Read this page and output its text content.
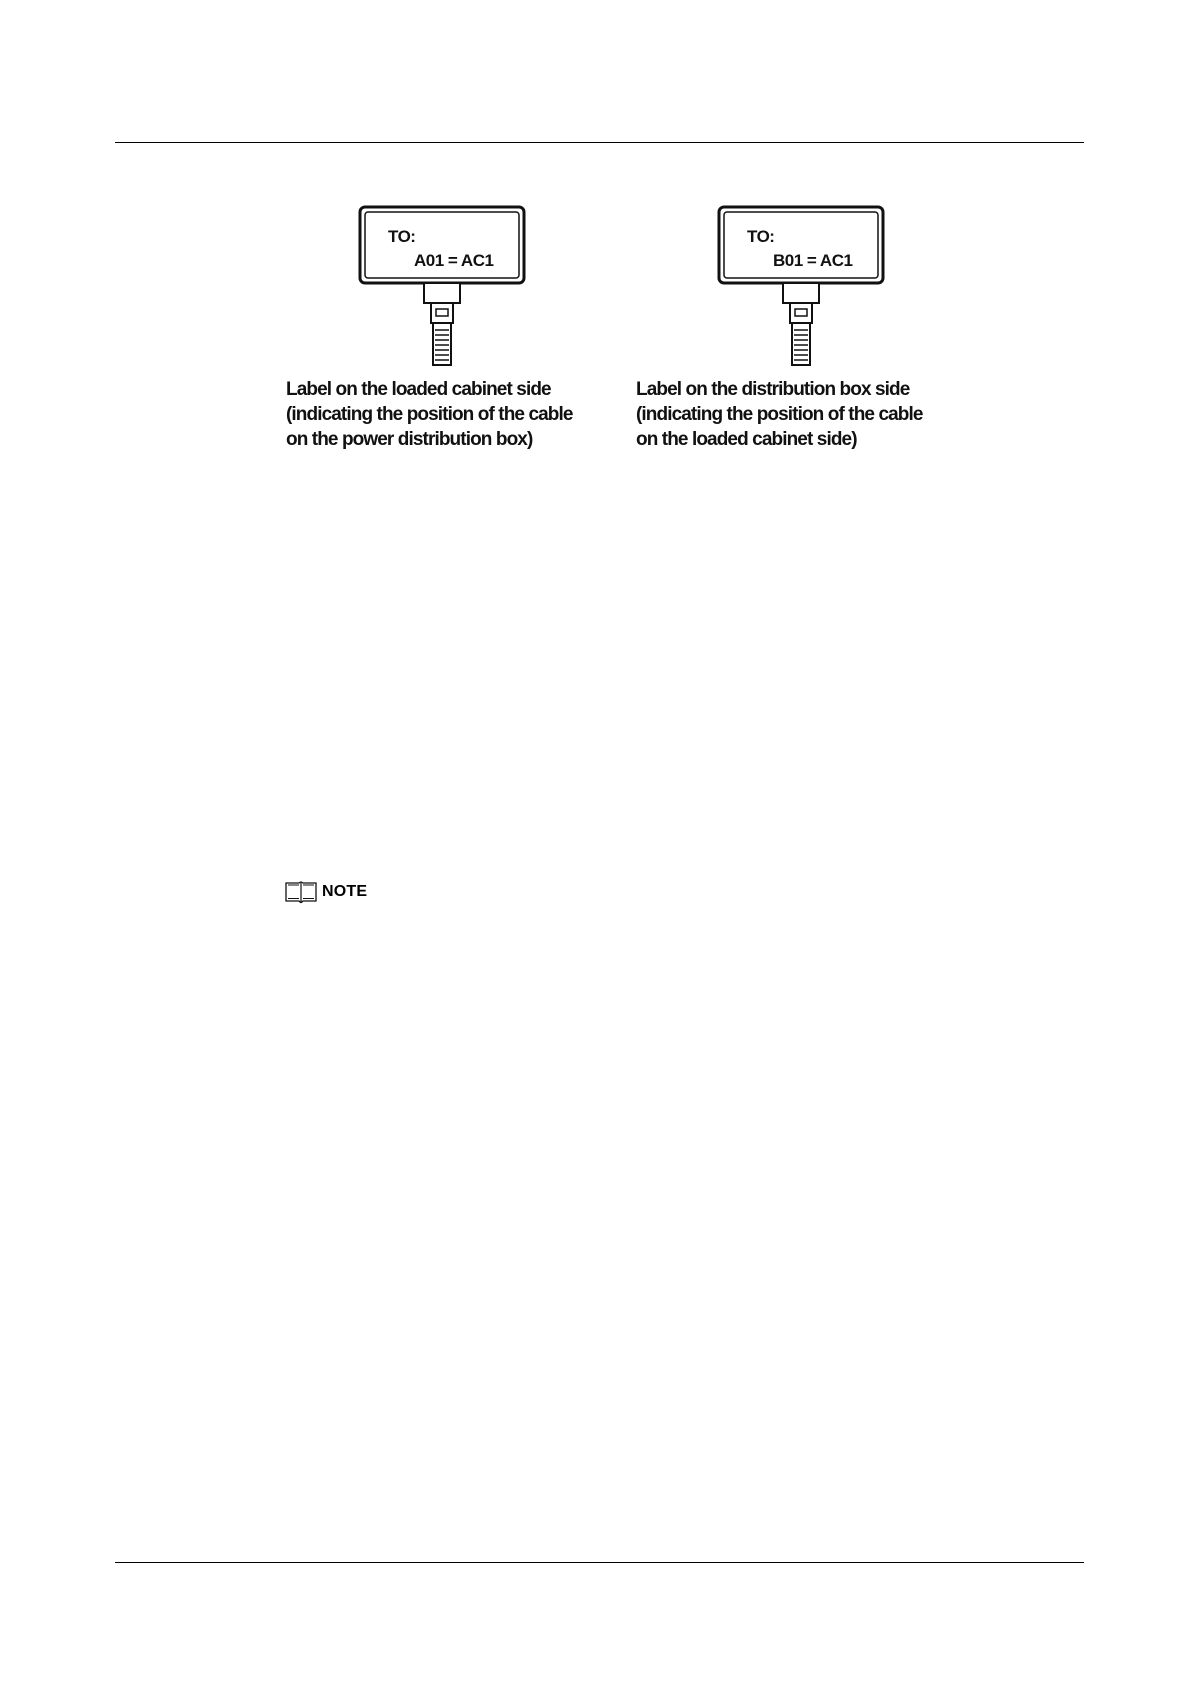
TO:
A01 = AC1
Label on the loaded cabinet side
(indicating the position of the cable
on the power distribution box)
TO:
B01 = AC1
Label on the distribution box side
(indicating the position of the cable
on the loaded cabinet side)
NOTE
